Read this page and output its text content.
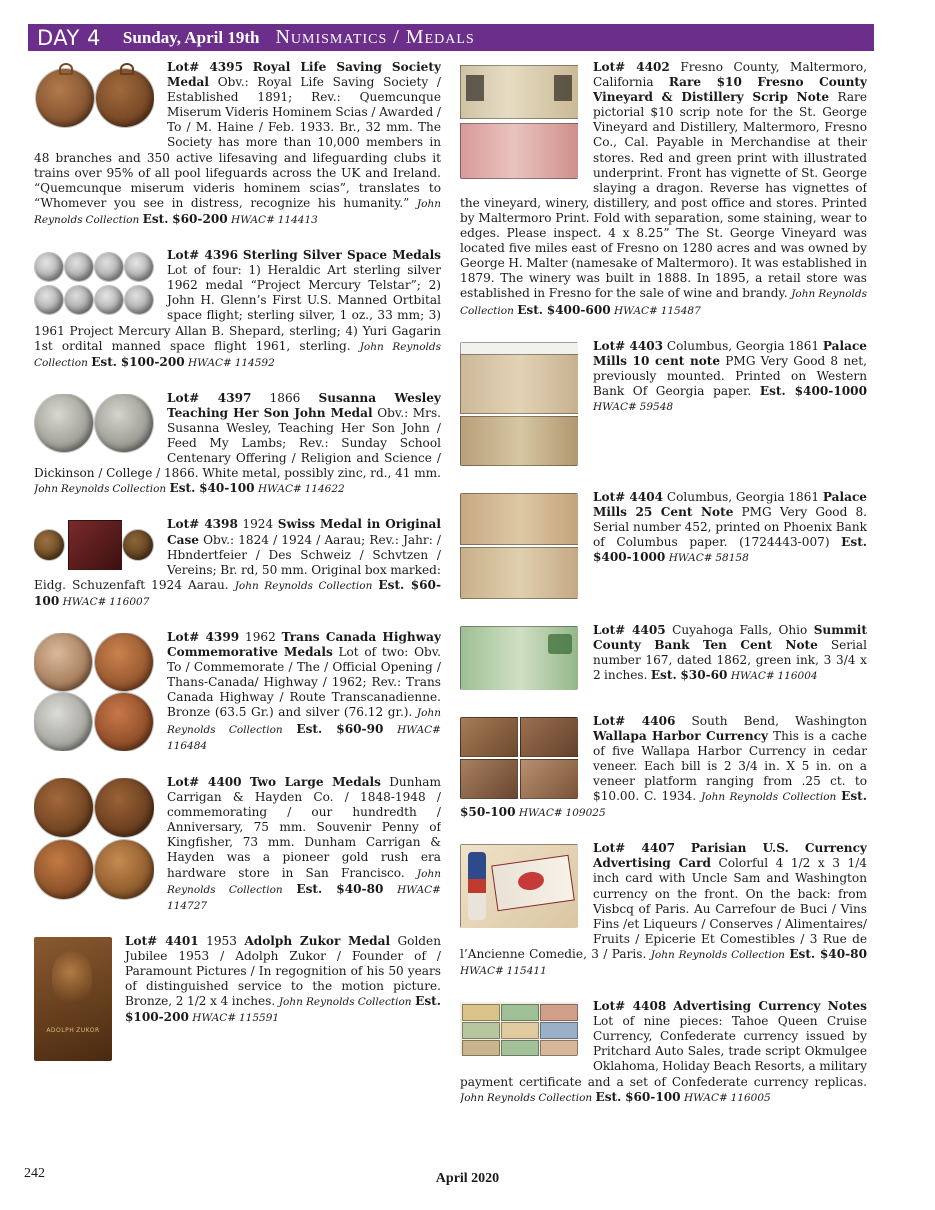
DAY 4 Sunday, April 19th Numismatics / Medals
Lot# 4395 Royal Life Saving Society Medal Obv.: Royal Life Saving Society / Established 1891; Rev.: Quemcunque Miserum Videris Hominem Scias / Awarded / To / M. Haine / Feb. 1933. Br., 32 mm. The Society has more than 10,000 members in 48 branches and 350 active lifesaving and lifeguarding clubs it trains over 95% of all pool lifeguards across the UK and Ireland. “Quemcunque miserum videris hominem scias”, translates to “Whomever you see in distress, recognize his humanity.” John Reynolds Collection Est. $60-200 HWAC# 114413
Lot# 4396 Sterling Silver Space Medals Lot of four: 1) Heraldic Art sterling silver 1962 medal “Project Mercury Telstar”; 2) John H. Glenn’s First U.S. Manned Ortbital space flight; sterling silver, 1 oz., 33 mm; 3) 1961 Project Mercury Allan B. Shepard, sterling; 4) Yuri Gagarin 1st ordital manned space flight 1961, sterling. John Reynolds Collection Est. $100-200 HWAC# 114592
Lot# 4397 1866 Susanna Wesley Teaching Her Son John Medal Obv.: Mrs. Susanna Wesley, Teaching Her Son John / Feed My Lambs; Rev.: Sunday School Centenary Offering / Religion and Science / Dickinson / College / 1866. White metal, possibly zinc, rd., 41 mm. John Reynolds Collection Est. $40-100 HWAC# 114622
Lot# 4398 1924 Swiss Medal in Original Case Obv.: 1824 / 1924 / Aarau; Rev.: Jahr: / Hbndertfeier / Des Schweiz / Schvtzen / Vereins; Br. rd, 50 mm. Original box marked: Eidg. Schuzenfaft 1924 Aarau. John Reynolds Collection Est. $60-100 HWAC# 116007
Lot# 4399 1962 Trans Canada Highway Commemorative Medals Lot of two: Obv. To / Commemorate / The / Official Opening / Thans-Canada/ Highway / 1962; Rev.: Trans Canada Highway / Route Transcanadienne. Bronze (63.5 Gr.) and silver (76.12 gr.). John Reynolds Collection Est. $60-90 HWAC# 116484
Lot# 4400 Two Large Medals Dunham Carrigan & Hayden Co. / 1848-1948 / commemorating / our hundredth / Anniversary, 75 mm. Souvenir Penny of Kingfisher, 73 mm. Dunham Carrigan & Hayden was a pioneer gold rush era hardware store in San Francisco. John Reynolds Collection Est. $40-80 HWAC# 114727
ADOLPH ZUKOR
Lot# 4401 1953 Adolph Zukor Medal Golden Jubilee 1953 / Adolph Zukor / Founder of / Paramount Pictures / In regognition of his 50 years of distinguished service to the motion picture. Bronze, 2 1/2 x 4 inches. John Reynolds Collection Est. $100-200 HWAC# 115591
Lot# 4402 Fresno County, Maltermoro, California Rare $10 Fresno County Vineyard & Distillery Scrip Note Rare pictorial $10 scrip note for the St. George Vineyard and Distillery, Maltermoro, Fresno Co., Cal. Payable in Merchandise at their stores. Red and green print with illustrated underprint. Front has vignette of St. George slaying a dragon. Reverse has vignettes of the vineyard, winery, distillery, and post office and stores. Printed by Maltermoro Print. Fold with separation, some staining, wear to edges. Please inspect. 4 x 8.25” The St. George Vineyard was located five miles east of Fresno on 1280 acres and was owned by George H. Malter (namesake of Maltermoro). It was established in 1879. The winery was built in 1888. In 1895, a retail store was established in Fresno for the sale of wine and brandy. John Reynolds Collection Est. $400-600 HWAC# 115487
Lot# 4403 Columbus, Georgia 1861 Palace Mills 10 cent note PMG Very Good 8 net, previously mounted. Printed on Western Bank Of Georgia paper. Est. $400-1000 HWAC# 59548
Lot# 4404 Columbus, Georgia 1861 Palace Mills 25 Cent Note PMG Very Good 8. Serial number 452, printed on Phoenix Bank of Columbus paper. (1724443-007) Est. $400-1000 HWAC# 58158
Lot# 4405 Cuyahoga Falls, Ohio Summit County Bank Ten Cent Note Serial number 167, dated 1862, green ink, 3 3/4 x 2 inches. Est. $30-60 HWAC# 116004
Lot# 4406 South Bend, Washington Wallapa Harbor Currency This is a cache of five Wallapa Harbor Currency in cedar veneer. Each bill is 2 3/4 in. X 5 in. on a veneer platform ranging from .25 ct. to $10.00. C. 1934. John Reynolds Collection Est. $50-100 HWAC# 109025
Lot# 4407 Parisian U.S. Currency Advertising Card Colorful 4 1/2 x 3 1/4 inch card with Uncle Sam and Washington currency on the front. On the back: from Visbcq of Paris. Au Carrefour de Buci / Vins Fins /et Liqueurs / Conserves / Alimentaires/ Fruits / Epicerie Et Comestibles / 3 Rue de l’Ancienne Comedie, 3 / Paris. John Reynolds Collection Est. $40-80 HWAC# 115411
Lot# 4408 Advertising Currency Notes Lot of nine pieces: Tahoe Queen Cruise Currency, Confederate currency issued by Pritchard Auto Sales, trade script Okmulgee Oklahoma, Holiday Beach Resorts, a military payment certificate and a set of Confederate currency replicas. John Reynolds Collection Est. $60-100 HWAC# 116005
242	April 2020
